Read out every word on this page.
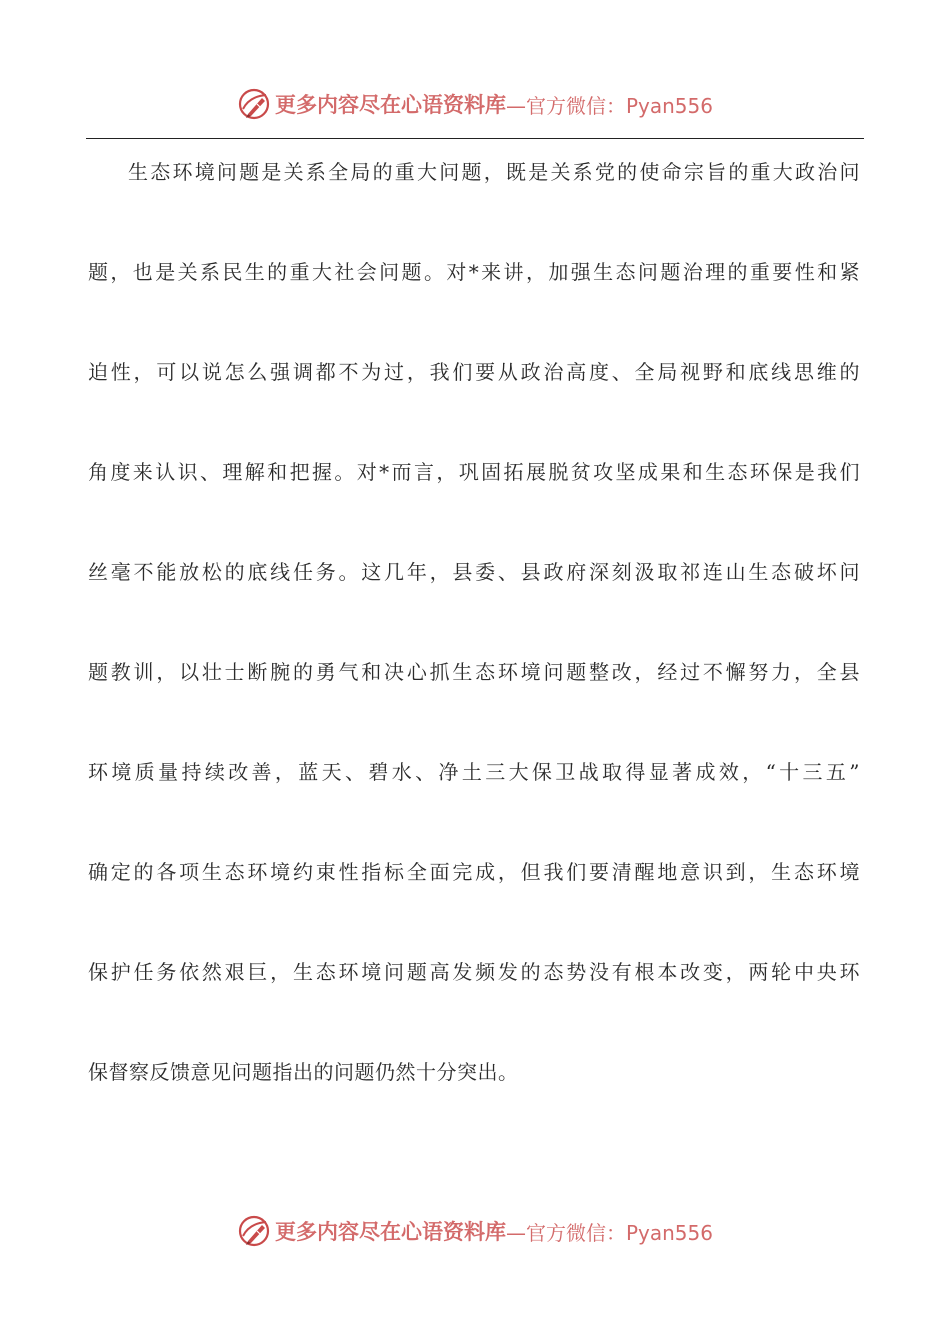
更多内容尽在心语资料库 —官方微信：Pyan556
生态环境问题是关系全局的重大问题，既是关系党的使命宗旨的重大政治问
题，也是关系民生的重大社会问题。对*来讲，加强生态问题治理的重要性和紧
迫性，可以说怎么强调都不为过，我们要从政治高度、全局视野和底线思维的
角度来认识、理解和把握。对*而言，巩固拓展脱贫攻坚成果和生态环保是我们
丝毫不能放松的底线任务。这几年，县委、县政府深刻汲取祁连山生态破坏问
题教训，以壮士断腕的勇气和决心抓生态环境问题整改，经过不懈努力，全县
环境质量持续改善，蓝天、碧水、净土三大保卫战取得显著成效，“十三五”
确定的各项生态环境约束性指标全面完成，但我们要清醒地意识到，生态环境
保护任务依然艰巨，生态环境问题高发频发的态势没有根本改变，两轮中央环
保督察反馈意见问题指出的问题仍然十分突出。
更多内容尽在心语资料库 —官方微信：Pyan556
